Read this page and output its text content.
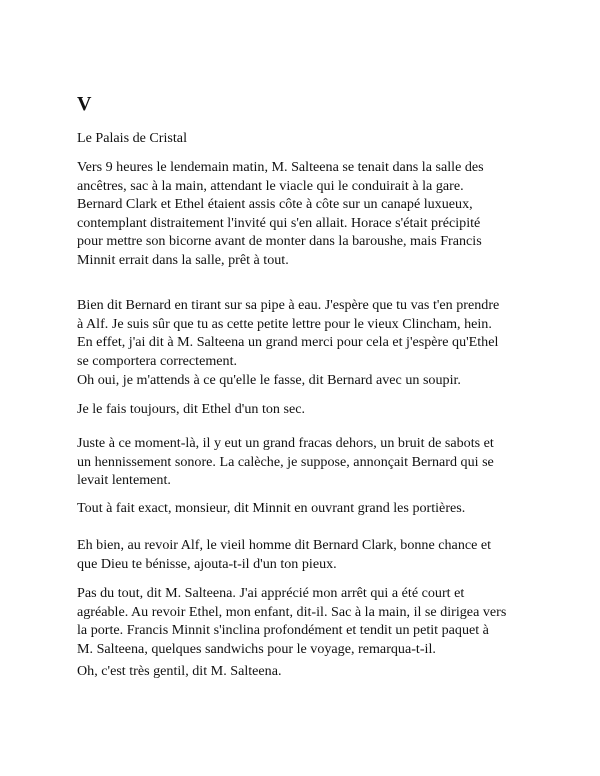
V

Le Palais de Cristal

Vers 9 heures le lendemain matin, M. Salteena se tenait dans la salle des
ancêtres, sac à la main, attendant le viacle qui le conduirait à la gare.
Bernard Clark et Ethel étaient assis côte à côte sur un canapé luxueux,
contemplant distraitement l'invité qui s'en allait. Horace s'était précipité
pour mettre son bicorne avant de monter dans la baroushe, mais Francis
Minnit errait dans la salle, prêt à tout.

Bien dit Bernard en tirant sur sa pipe à eau. J'espère que tu vas t'en prendre
à Alf. Je suis sûr que tu as cette petite lettre pour le vieux Clincham, hein.

En effet, j'ai dit à M. Salteena un grand merci pour cela et j'espère qu'Ethel
se comportera correctement.

Oh oui, je m'attends à ce qu'elle le fasse, dit Bernard avec un soupir.

Je le fais toujours, dit Ethel d'un ton sec.

Juste à ce moment-là, il y eut un grand fracas dehors, un bruit de sabots et
un hennissement sonore. La calèche, je suppose, annonçait Bernard qui se
levait lentement.

Tout à fait exact, monsieur, dit Minnit en ouvrant grand les portières.

Eh bien, au revoir Alf, le vieil homme dit Bernard Clark, bonne chance et
que Dieu te bénisse, ajouta-t-il d'un ton pieux.

Pas du tout, dit M. Salteena. J'ai apprécié mon arrêt qui a été court et
agréable. Au revoir Ethel, mon enfant, dit-il. Sac à la main, il se dirigea vers
la porte. Francis Minnit s'inclina profondément et tendit un petit paquet à
M. Salteena, quelques sandwichs pour le voyage, remarqua-t-il.

Oh, c'est très gentil, dit M. Salteena.
